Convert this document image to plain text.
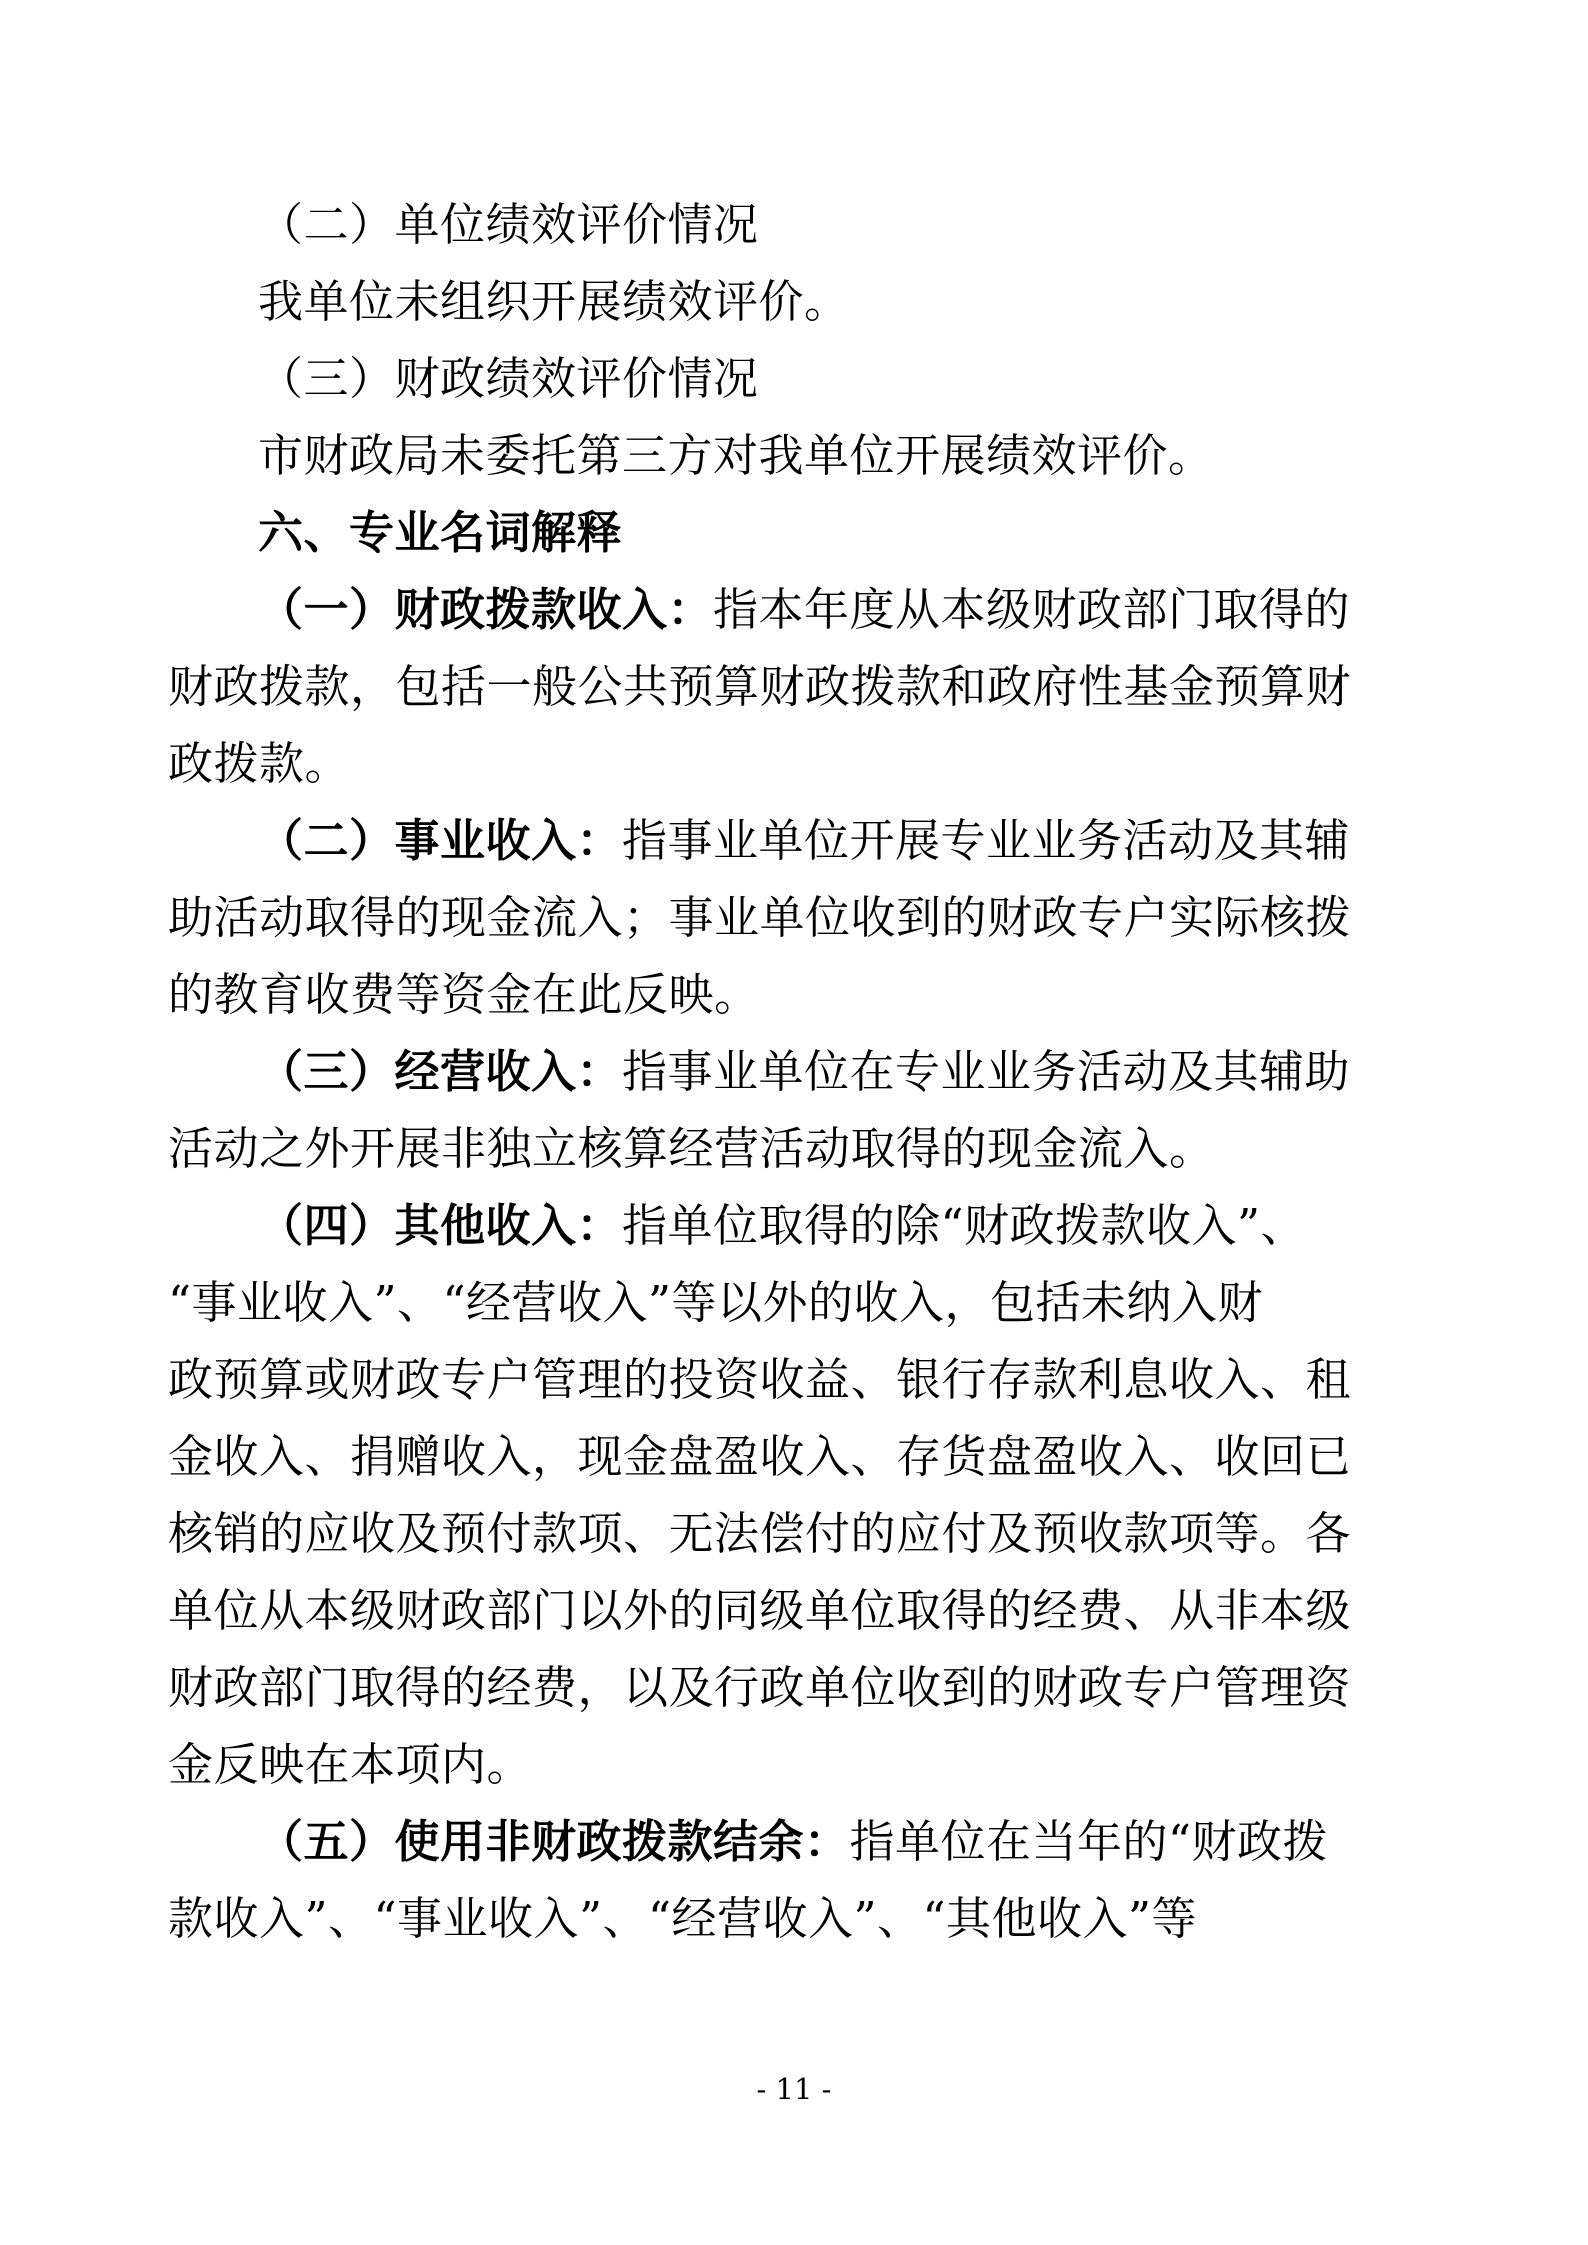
（二）单位绩效评价情况
我单位未组织开展绩效评价。
（三）财政绩效评价情况
市财政局未委托第三方对我单位开展绩效评价。
六、专业名词解释
（一）财政拨款收入：指本年度从本级财政部门取得的
财政拨款，包括一般公共预算财政拨款和政府性基金预算财
政拨款。
（二）事业收入：指事业单位开展专业业务活动及其辅
助活动取得的现金流入；事业单位收到的财政专户实际核拨
的教育收费等资金在此反映。
（三）经营收入：指事业单位在专业业务活动及其辅助
活动之外开展非独立核算经营活动取得的现金流入。
（四）其他收入：指单位取得的除“财政拨款收入”、
“事业收入”、“经营收入”等以外的收入，包括未纳入财
政预算或财政专户管理的投资收益、银行存款利息收入、租
金收入、捐赠收入，现金盘盈收入、存货盘盈收入、收回已
核销的应收及预付款项、无法偿付的应付及预收款项等。各
单位从本级财政部门以外的同级单位取得的经费、从非本级
财政部门取得的经费，以及行政单位收到的财政专户管理资
金反映在本项内。
（五）使用非财政拨款结余：指单位在当年的“财政拨
款收入”、“事业收入”、“经营收入”、“其他收入”等
- 11 -
